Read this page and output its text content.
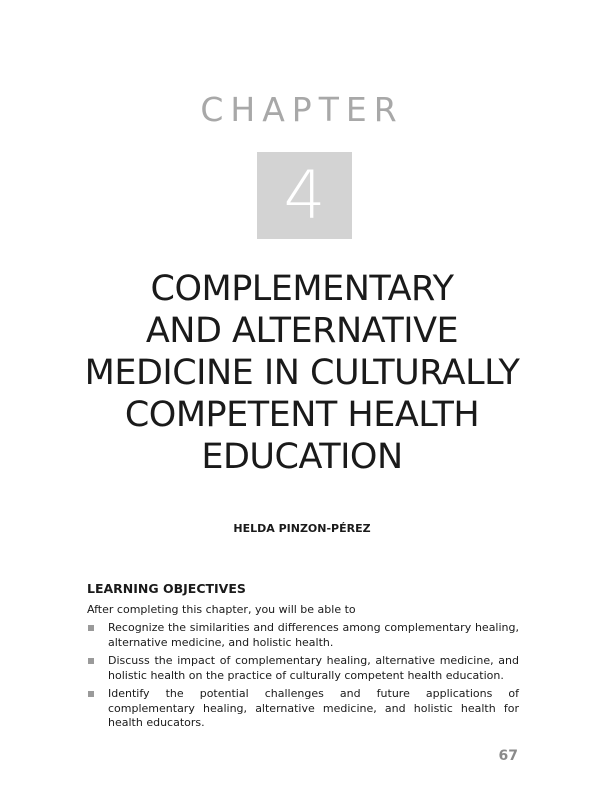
CHAPTER
4
COMPLEMENTARY
AND ALTERNATIVE
MEDICINE IN CULTURALLY
COMPETENT HEALTH
EDUCATION
HELDA PINZON-PÉREZ
LEARNING OBJECTIVES

After completing this chapter, you will be able to

Recognize the similarities and differences among complementary healing, alternative medicine, and holistic health.
Discuss the impact of complementary healing, alternative medicine, and holistic health on the practice of culturally competent health education.
Identify the potential challenges and future applications of complementary healing, alternative medicine, and holistic health for health educators.
67
